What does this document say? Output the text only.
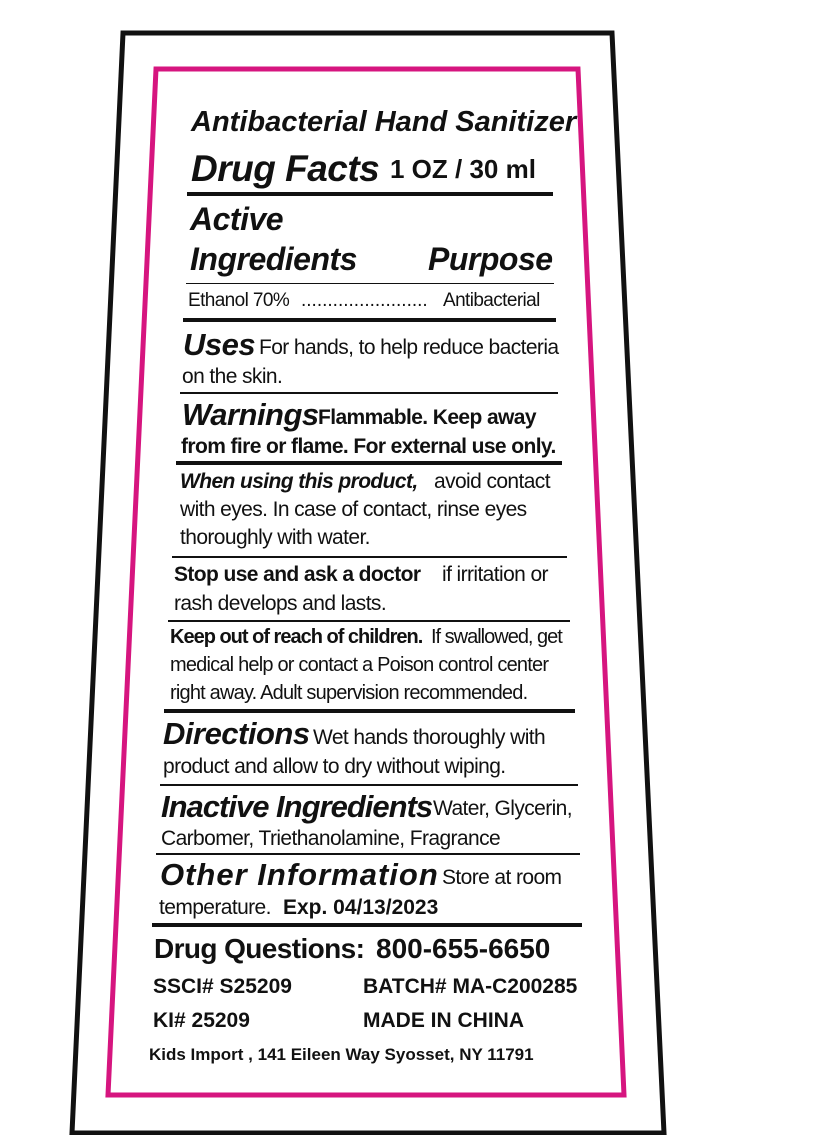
Antibacterial Hand Sanitizer
Drug Facts 1 OZ / 30 ml
Active
Ingredients Purpose
Ethanol 70% ........................ Antibacterial
Uses For hands, to help reduce bacteria
on the skin.
Warnings Flammable. Keep away
from fire or flame. For external use only.
When using this product, avoid contact
with eyes. In case of contact, rinse eyes
thoroughly with water.
Stop use and ask a doctor if irritation or
rash develops and lasts.
Keep out of reach of children. If swallowed, get
medical help or contact a Poison control center
right away. Adult supervision recommended.
Directions Wet hands thoroughly with
product and allow to dry without wiping.
Inactive Ingredients Water, Glycerin,
Carbomer, Triethanolamine, Fragrance
Other Information Store at room
temperature. Exp. 04/13/2023
Drug Questions: 800-655-6650
SSCI# S25209	BATCH# MA-C200285
KI# 25209	MADE IN CHINA
Kids Import , 141 Eileen Way Syosset, NY 11791
